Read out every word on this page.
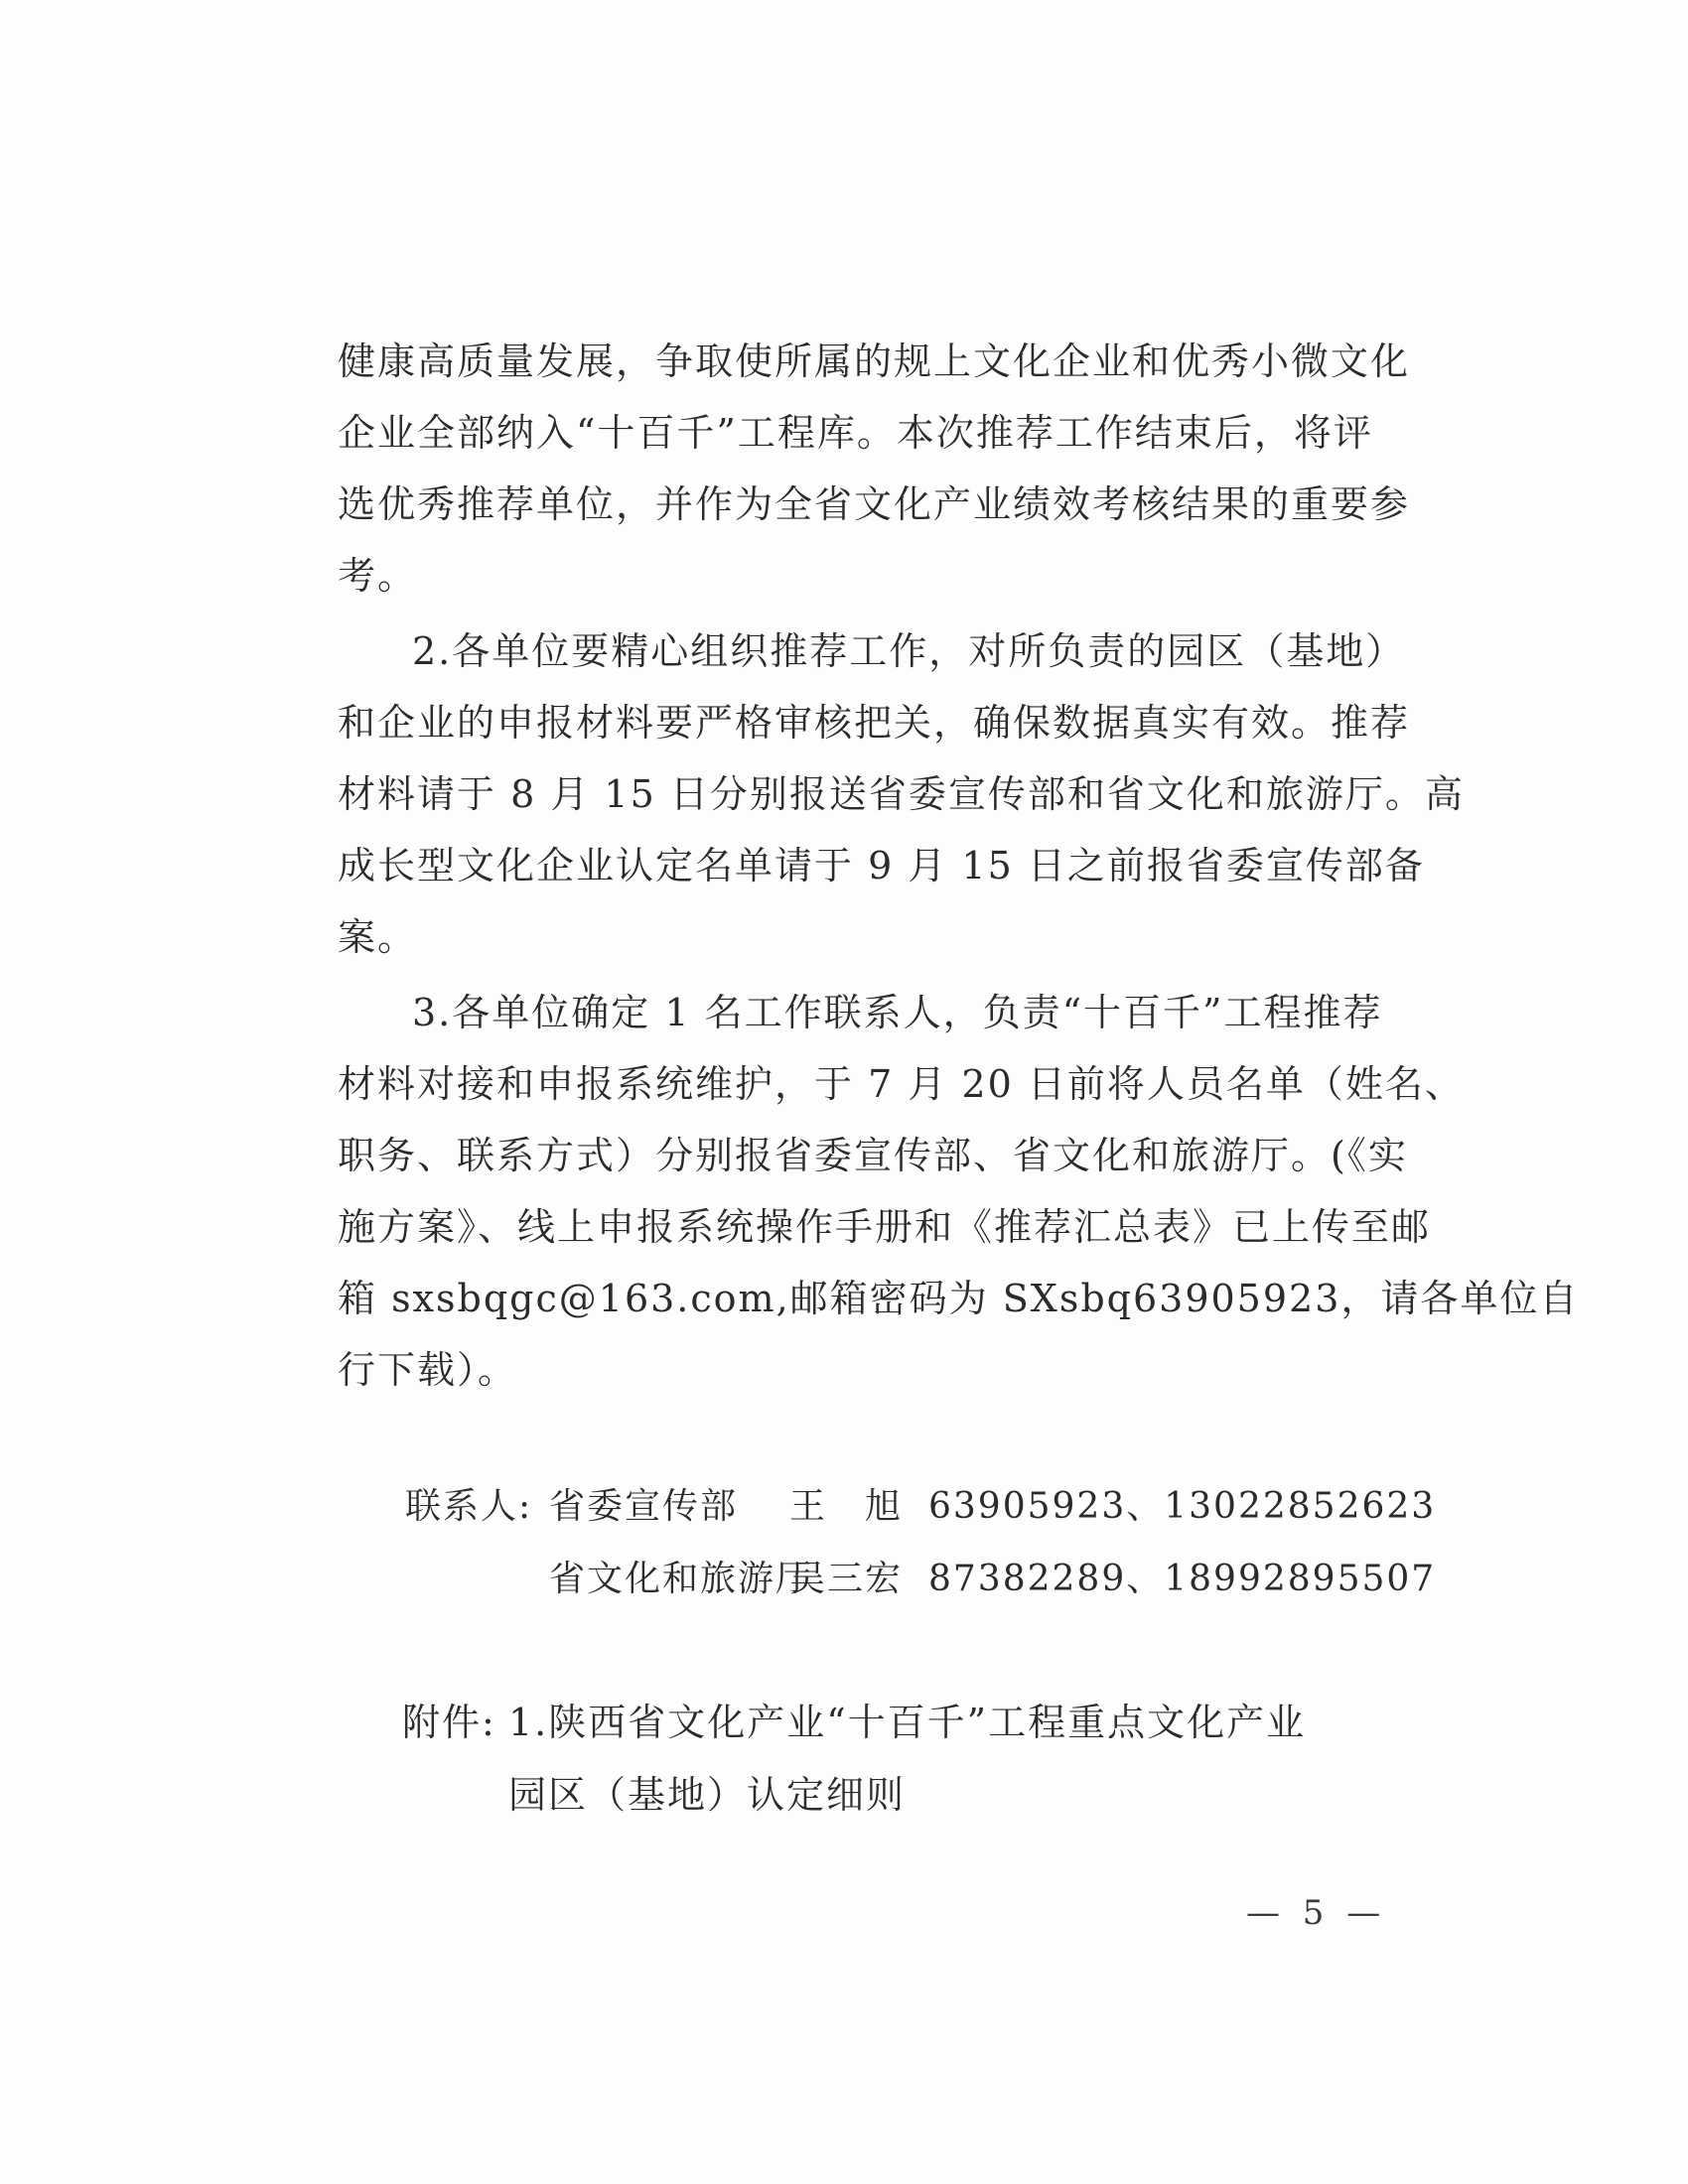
健康高质量发展，争取使所属的规上文化企业和优秀小微文化
企业全部纳入“十百千”工程库。本次推荐工作结束后，将评
选优秀推荐单位，并作为全省文化产业绩效考核结果的重要参
考。
2.各单位要精心组织推荐工作，对所负责的园区（基地）
和企业的申报材料要严格审核把关，确保数据真实有效。推荐
材料请于 8 月 15 日分别报送省委宣传部和省文化和旅游厅。高
成长型文化企业认定名单请于 9 月 15 日之前报省委宣传部备
案。
3.各单位确定 1 名工作联系人，负责“十百千”工程推荐
材料对接和申报系统维护，于 7 月 20 日前将人员名单（姓名、
职务、联系方式）分别报省委宣传部、省文化和旅游厅。(《实
施方案》、线上申报系统操作手册和《推荐汇总表》已上传至邮
箱 sxsbqgc@163.com,邮箱密码为 SXsbq63905923，请各单位自
行下载）。
联系人: 省委宣传部 王　旭 63905923、13022852623
省文化和旅游厅
吴三宏 87382289、18992895507
附件: 1.陕西省文化产业“十百千”工程重点文化产业
园区（基地）认定细则
— 5 —
